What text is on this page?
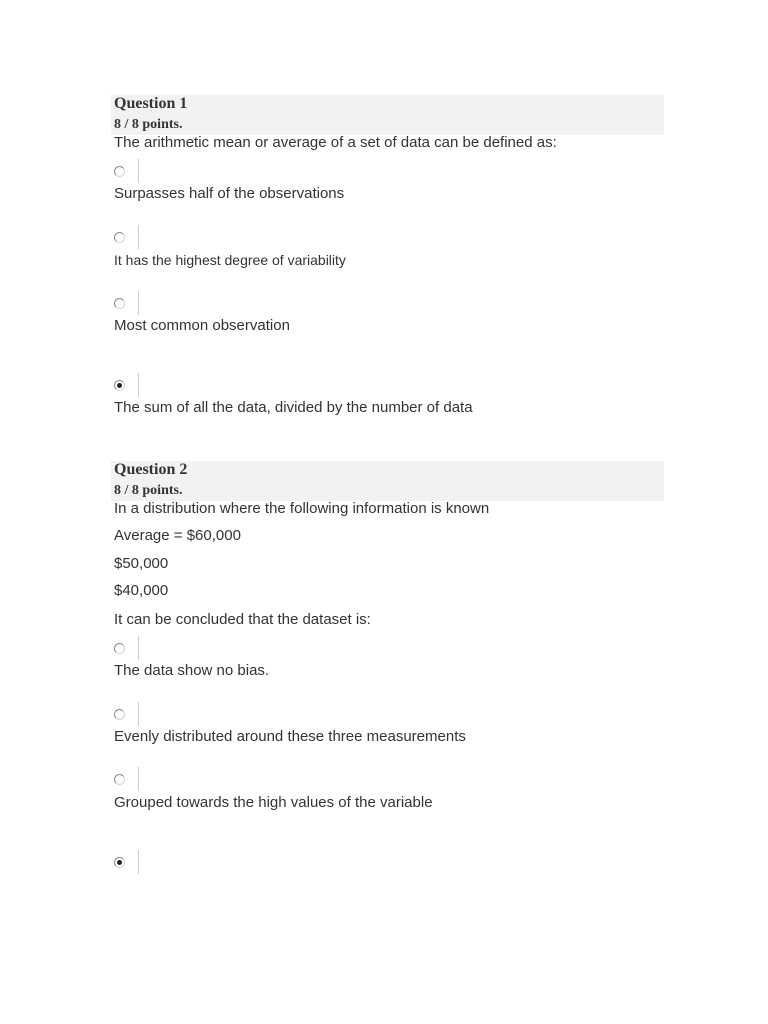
Question 1
8 / 8 points.
The arithmetic mean or average of a set of data can be defined as:
Surpasses half of the observations
It has the highest degree of variability
Most common observation
The sum of all the data, divided by the number of data
Question 2
8 / 8 points.
In a distribution where the following information is known
Average = $60,000
$50,000
$40,000
It can be concluded that the dataset is:
The data show no bias.
Evenly distributed around these three measurements
Grouped towards the high values of the variable
